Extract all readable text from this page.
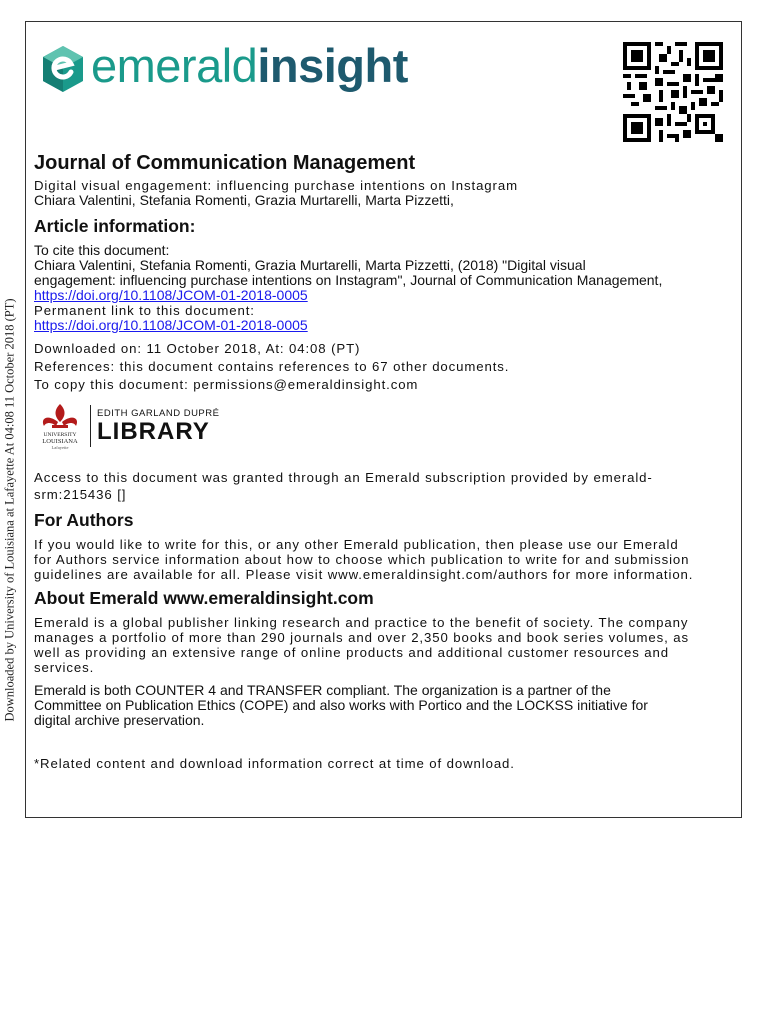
Downloaded by University of Louisiana at Lafayette At 04:08 11 October 2018 (PT)
emeraldinsight
Journal of Communication Management
Digital visual engagement: influencing purchase intentions on Instagram
Chiara Valentini, Stefania Romenti, Grazia Murtarelli, Marta Pizzetti,
Article information:
To cite this document:
Chiara Valentini, Stefania Romenti, Grazia Murtarelli, Marta Pizzetti, (2018) "Digital visual
engagement: influencing purchase intentions on Instagram", Journal of Communication Management,
https://doi.org/10.1108/JCOM-01-2018-0005
Permanent link to this document:
https://doi.org/10.1108/JCOM-01-2018-0005
Downloaded on: 11 October 2018, At: 04:08 (PT)
References: this document contains references to 67 other documents.
To copy this document: permissions@emeraldinsight.com
UNIVERSITY
LOUISIANA
Lafayette
EDITH GARLAND DUPRÉ
LIBRARY
Access to this document was granted through an Emerald subscription provided by emerald-
srm:215436 []
For Authors
If you would like to write for this, or any other Emerald publication, then please use our Emerald
for Authors service information about how to choose which publication to write for and submission
guidelines are available for all. Please visit www.emeraldinsight.com/authors for more information.
About Emerald www.emeraldinsight.com
Emerald is a global publisher linking research and practice to the benefit of society. The company
manages a portfolio of more than 290 journals and over 2,350 books and book series volumes, as
well as providing an extensive range of online products and additional customer resources and
services.
Emerald is both COUNTER 4 and TRANSFER compliant. The organization is a partner of the
Committee on Publication Ethics (COPE) and also works with Portico and the LOCKSS initiative for
digital archive preservation.
*Related content and download information correct at time of download.
